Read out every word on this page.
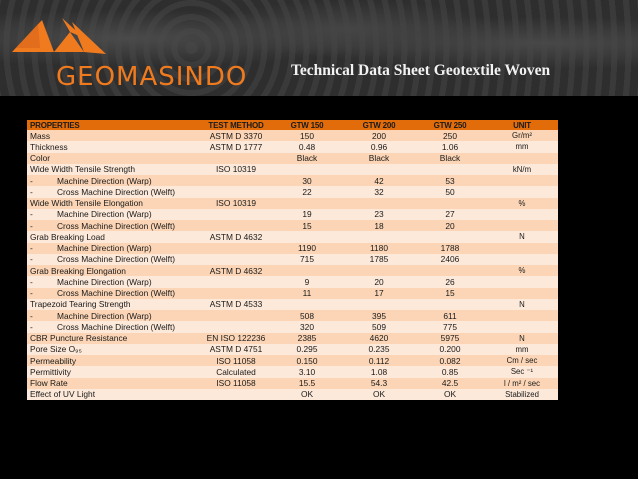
GEOMASINDO	Technical Data Sheet Geotextile Woven
PROPERTIES	TEST METHOD	GTW 150	GTW 200	GTW 250	UNIT
Mass	ASTM D 3370	150	200	250	Gr/m²
Thickness	ASTM D 1777	0.48	0.96	1.06	mm
Color		Black	Black	Black	
Wide Width Tensile Strength	ISO 10319				kN/m
- Machine Direction (Warp)		30	42	53	
- Cross Machine Direction (Welft)		22	32	50	
Wide Width Tensile Elongation	ISO 10319				%
- Machine Direction (Warp)		19	23	27	
- Cross Machine Direction (Welft)		15	18	20	
Grab Breaking Load	ASTM D 4632				N
- Machine Direction (Warp)		1190	1180	1788	
- Cross Machine Direction (Welft)		715	1785	2406	
Grab Breaking Elongation	ASTM D 4632				%
- Machine Direction (Warp)		9	20	26	
- Cross Machine Direction (Welft)		11	17	15	
Trapezoid Tearing Strength	ASTM D 4533				N
- Machine Direction (Warp)		508	395	611	
- Cross Machine Direction (Welft)		320	509	775	
CBR Puncture Resistance	EN ISO 122236	2385	4620	5975	N
Pore Size O₉₅	ASTM D 4751	0.295	0.235	0.200	mm
Permeability	ISO 11058	0.150	0.112	0.082	Cm / sec
Permittivity	Calculated	3.10	1.08	0.85	Sec ⁻¹
Flow Rate	ISO 11058	15.5	54.3	42.5	l / m² / sec
Effect of UV Light		OK	OK	OK	Stabilized
